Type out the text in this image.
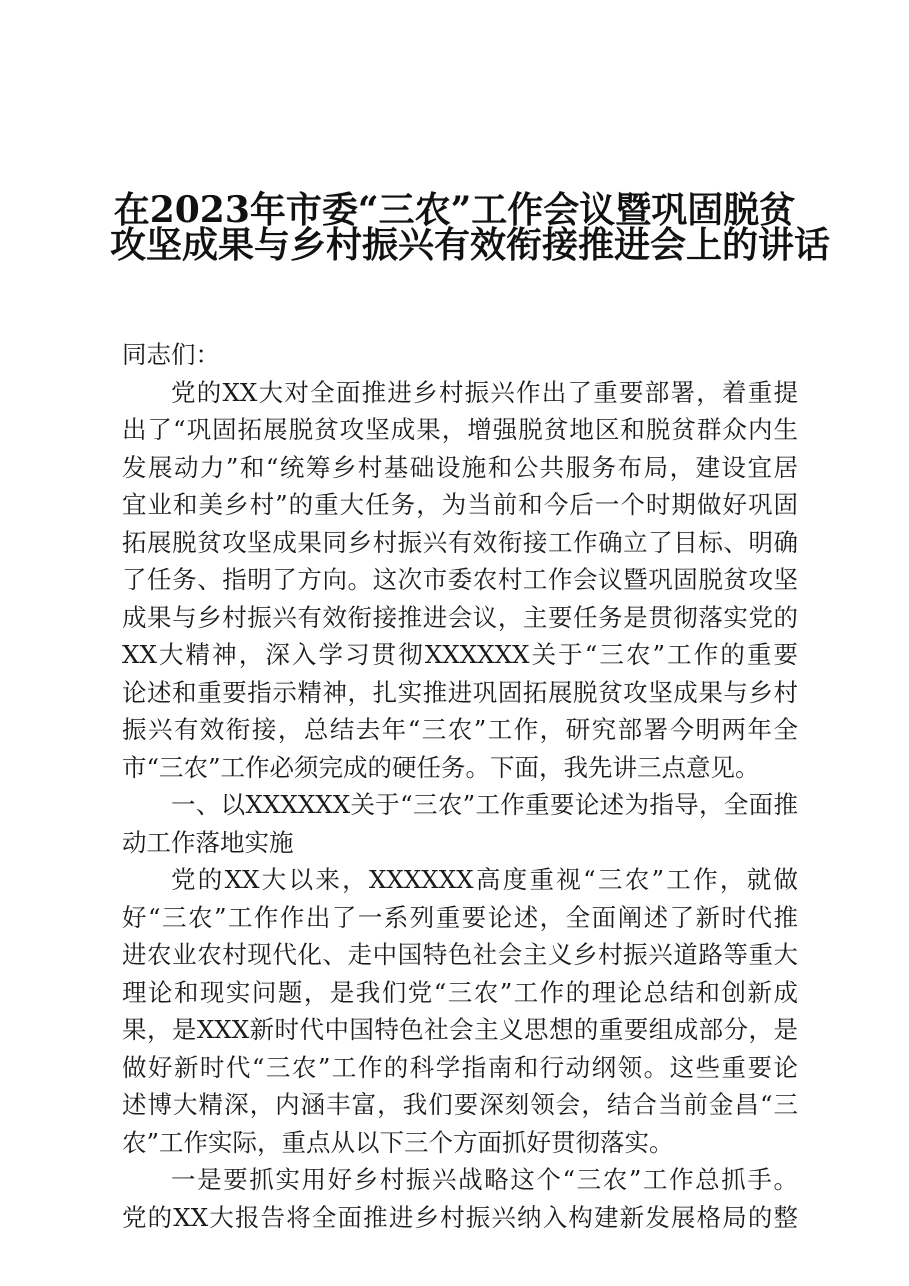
在2023年市委“三农”工作会议暨巩固脱贫
攻坚成果与乡村振兴有效衔接推进会上的讲话
同志们：
党的XX大对全面推进乡村振兴作出了重要部署，着重提
出了“巩固拓展脱贫攻坚成果，增强脱贫地区和脱贫群众内生
发展动力”和“统筹乡村基础设施和公共服务布局，建设宜居
宜业和美乡村”的重大任务，为当前和今后一个时期做好巩固
拓展脱贫攻坚成果同乡村振兴有效衔接工作确立了目标、明确
了任务、指明了方向。这次市委农村工作会议暨巩固脱贫攻坚
成果与乡村振兴有效衔接推进会议，主要任务是贯彻落实党的
XX大精神，深入学习贯彻XXXXXX关于“三农”工作的重要
论述和重要指示精神，扎实推进巩固拓展脱贫攻坚成果与乡村
振兴有效衔接，总结去年“三农”工作，研究部署今明两年全
市“三农”工作必须完成的硬任务。下面，我先讲三点意见。
一、以XXXXXX关于“三农”工作重要论述为指导，全面推
动工作落地实施
党的XX大以来，XXXXXX高度重视“三农”工作，就做
好“三农”工作作出了一系列重要论述，全面阐述了新时代推
进农业农村现代化、走中国特色社会主义乡村振兴道路等重大
理论和现实问题，是我们党“三农”工作的理论总结和创新成
果，是XXX新时代中国特色社会主义思想的重要组成部分，是
做好新时代“三农”工作的科学指南和行动纲领。这些重要论
述博大精深，内涵丰富，我们要深刻领会，结合当前金昌“三
农”工作实际，重点从以下三个方面抓好贯彻落实。
一是要抓实用好乡村振兴战略这个“三农”工作总抓手。
党的XX大报告将全面推进乡村振兴纳入构建新发展格局的整
